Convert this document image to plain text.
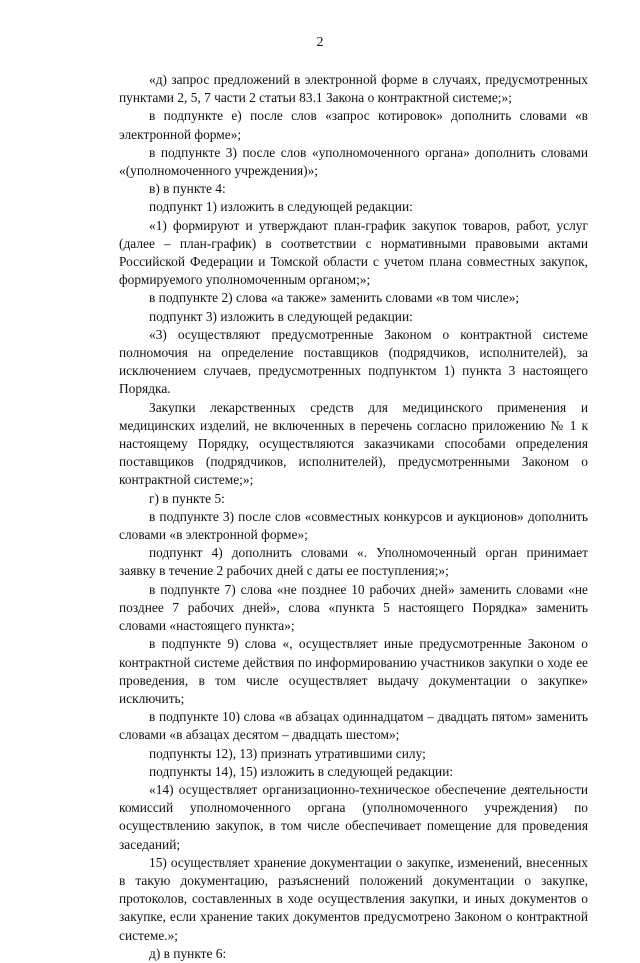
2

«д) запрос предложений в электронной форме в случаях, предусмотренных пунктами 2, 5, 7 части 2 статьи 83.1 Закона о контрактной системе;»;

в подпункте е) после слов «запрос котировок» дополнить словами «в электронной форме»;

в подпункте 3) после слов «уполномоченного органа» дополнить словами «(уполномоченного учреждения)»;

в) в пункте 4:

подпункт 1) изложить в следующей редакции:

«1) формируют и утверждают план-график закупок товаров, работ, услуг (далее – план-график) в соответствии с нормативными правовыми актами Российской Федерации и Томской области с учетом плана совместных закупок, формируемого уполномоченным органом;»;

в подпункте 2) слова «а также» заменить словами «в том числе»;

подпункт 3) изложить в следующей редакции:

«3) осуществляют предусмотренные Законом о контрактной системе полномочия на определение поставщиков (подрядчиков, исполнителей), за исключением случаев, предусмотренных подпунктом 1) пункта 3 настоящего Порядка.

Закупки лекарственных средств для медицинского применения и медицинских изделий, не включенных в перечень согласно приложению № 1 к настоящему Порядку, осуществляются заказчиками способами определения поставщиков (подрядчиков, исполнителей), предусмотренными Законом о контрактной системе;»;

г) в пункте 5:

в подпункте 3) после слов «совместных конкурсов и аукционов» дополнить словами «в электронной форме»;

подпункт 4) дополнить словами «. Уполномоченный орган принимает заявку в течение 2 рабочих дней с даты ее поступления;»;

в подпункте 7) слова «не позднее 10 рабочих дней» заменить словами «не позднее 7 рабочих дней», слова «пункта 5 настоящего Порядка» заменить словами «настоящего пункта»;

в подпункте 9) слова «, осуществляет иные предусмотренные Законом о контрактной системе действия по информированию участников закупки о ходе ее проведения, в том числе осуществляет выдачу документации о закупке» исключить;

в подпункте 10) слова «в абзацах одиннадцатом – двадцать пятом» заменить словами «в абзацах десятом – двадцать шестом»;

подпункты 12), 13) признать утратившими силу;

подпункты 14), 15) изложить в следующей редакции:

«14) осуществляет организационно-техническое обеспечение деятельности комиссий уполномоченного органа (уполномоченного учреждения) по осуществлению закупок, в том числе обеспечивает помещение для проведения заседаний;

15) осуществляет хранение документации о закупке, изменений, внесенных в такую документацию, разъяснений положений документации о закупке, протоколов, составленных в ходе осуществления закупки, и иных документов о закупке, если хранение таких документов предусмотрено Законом о контрактной системе.»;

д) в пункте 6:
